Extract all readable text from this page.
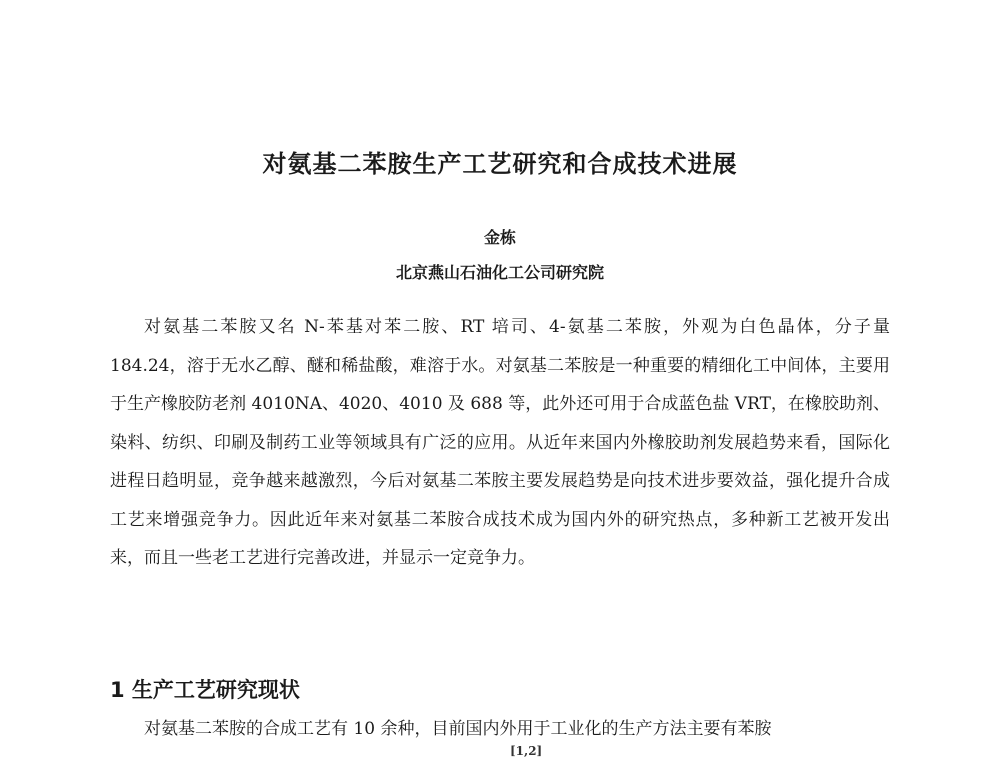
对氨基二苯胺生产工艺研究和合成技术进展
金栋
北京燕山石油化工公司研究院

对氨基二苯胺又名 N-苯基对苯二胺、RT 培司、4-氨基二苯胺，外观为白色晶体，分子量 184.24，溶于无水乙醇、醚和稀盐酸，难溶于水。对氨基二苯胺是一种重要的精细化工中间体，主要用于生产橡胶防老剂 4010NA、4020、4010 及 688 等，此外还可用于合成蓝色盐 VRT，在橡胶助剂、染料、纺织、印刷及制药工业等领域具有广泛的应用。从近年来国内外橡胶助剂发展趋势来看，国际化进程日趋明显，竞争越来越激烈，今后对氨基二苯胺主要发展趋势是向技术进步要效益，强化提升合成工艺来增强竞争力。因此近年来对氨基二苯胺合成技术成为国内外的研究热点，多种新工艺被开发出来，而且一些老工艺进行完善改进，并显示一定竞争力。

1 生产工艺研究现状

对氨基二苯胺的合成工艺有 10 余种，目前国内外用于工业化的生产方法主要有苯胺

[1,2]
